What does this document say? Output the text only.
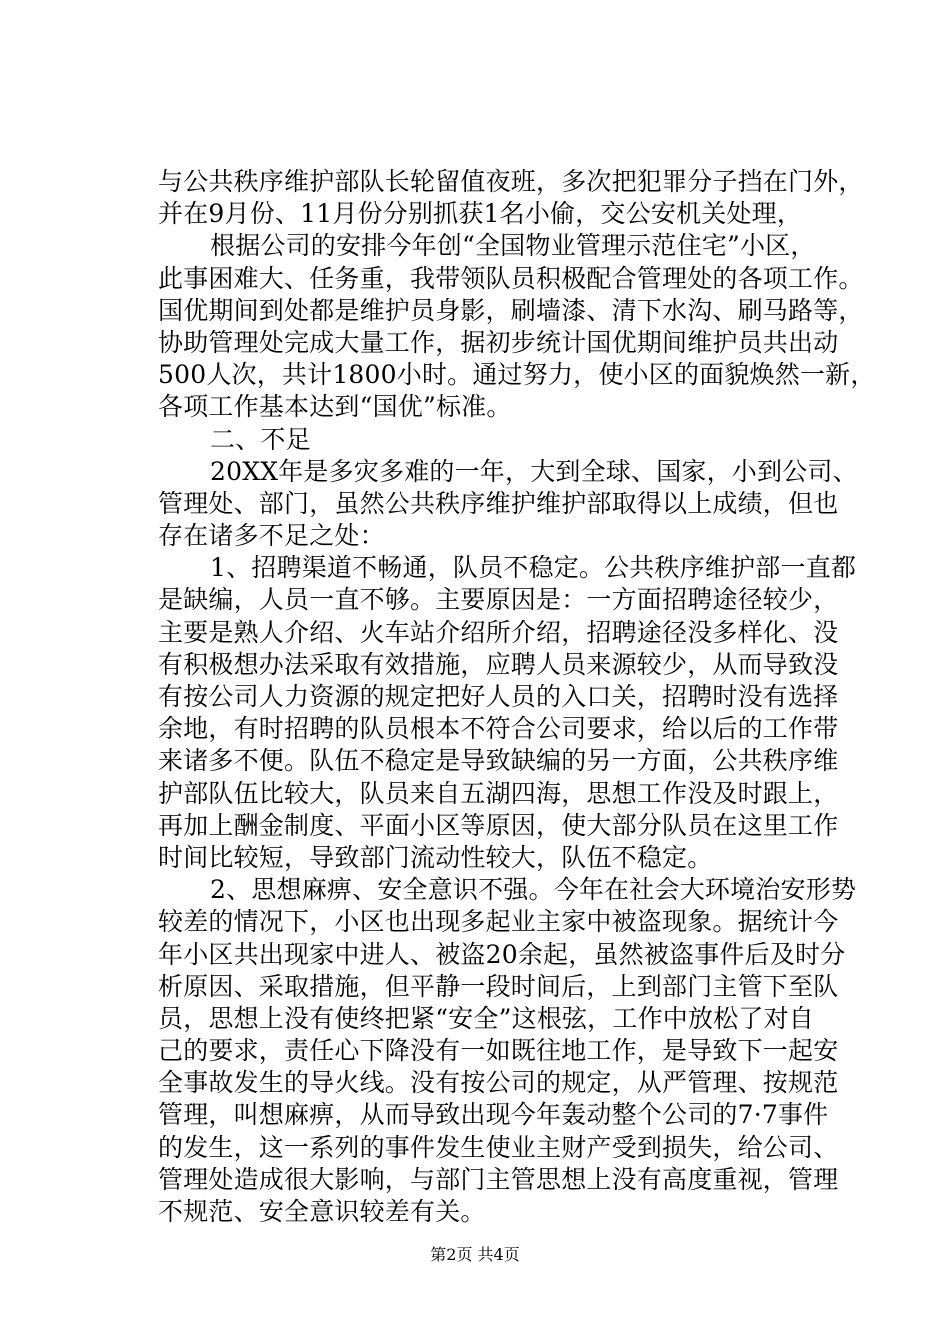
与公共秩序维护部队长轮留值夜班，多次把犯罪分子挡在门外，
并在9月份、11月份分别抓获1名小偷，交公安机关处理，
根据公司的安排今年创“全国物业管理示范住宅”小区，
此事困难大、任务重，我带领队员积极配合管理处的各项工作。
国优期间到处都是维护员身影，刷墙漆、清下水沟、刷马路等，
协助管理处完成大量工作，据初步统计国优期间维护员共出动
500人次，共计1800小时。通过努力，使小区的面貌焕然一新，
各项工作基本达到“国优”标准。
二、不足
20XX年是多灾多难的一年，大到全球、国家，小到公司、
管理处、部门，虽然公共秩序维护维护部取得以上成绩，但也
存在诸多不足之处：
1、招聘渠道不畅通，队员不稳定。公共秩序维护部一直都
是缺编，人员一直不够。主要原因是：一方面招聘途径较少，
主要是熟人介绍、火车站介绍所介绍，招聘途径没多样化、没
有积极想办法采取有效措施，应聘人员来源较少，从而导致没
有按公司人力资源的规定把好人员的入口关，招聘时没有选择
余地，有时招聘的队员根本不符合公司要求，给以后的工作带
来诸多不便。队伍不稳定是导致缺编的另一方面，公共秩序维
护部队伍比较大，队员来自五湖四海，思想工作没及时跟上，
再加上酬金制度、平面小区等原因，使大部分队员在这里工作
时间比较短，导致部门流动性较大，队伍不稳定。
2、思想麻痹、安全意识不强。今年在社会大环境治安形势
较差的情况下，小区也出现多起业主家中被盗现象。据统计今
年小区共出现家中进人、被盗20余起，虽然被盗事件后及时分
析原因、采取措施，但平静一段时间后，上到部门主管下至队
员，思想上没有使终把紧“安全”这根弦，工作中放松了对自
己的要求，责任心下降没有一如既往地工作，是导致下一起安
全事故发生的导火线。没有按公司的规定，从严管理、按规范
管理，叫想麻痹，从而导致出现今年轰动整个公司的7·7事件
的发生，这一系列的事件发生使业主财产受到损失，给公司、
管理处造成很大影响，与部门主管思想上没有高度重视，管理
不规范、安全意识较差有关。
第2页 共4页
